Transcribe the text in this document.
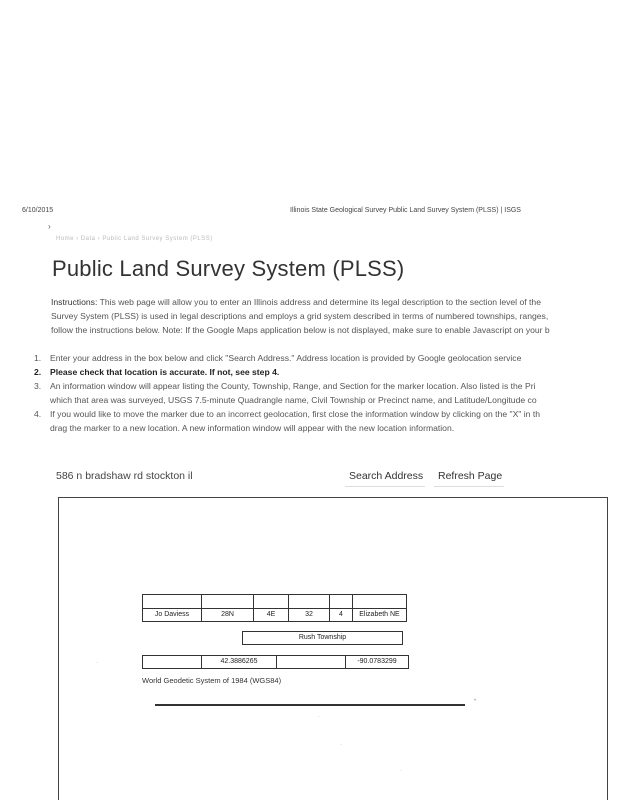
6/10/2015	Illinois State Geological Survey Public Land Survey System (PLSS) | ISGS
›
Home › Data › Public Land Survey System (PLSS)
Public Land Survey System (PLSS)

Instructions: This web page will allow you to enter an Illinois address and determine its legal description to the section level of the

Survey System (PLSS) is used in legal descriptions and employs a grid system described in terms of numbered townships, ranges,

follow the instructions below. Note: If the Google Maps application below is not displayed, make sure to enable Javascript on your b

1. Enter your address in the box below and click "Search Address." Address location is provided by Google geolocation service
2. Please check that location is accurate. If not, see step 4.
3. An information window will appear listing the County, Township, Range, and Section for the marker location. Also listed is the Pri
which that area was surveyed, USGS 7.5-minute Quadrangle name, Civil Township or Precinct name, and Latitude/Longitude co
4. If you would like to move the marker due to an incorrect geolocation, first close the information window by clicking on the "X" in th
drag the marker to a new location. A new information window will appear with the new location information.
586 n bradshaw rd stockton il
Search Address Refresh Page
Jo Daviess	28N	4E	32	4	Elizabeth NE
Rush Township
42.3886265	-90.0783299
World Geodetic System of 1984 (WGS84)
·
•
·
·
·
